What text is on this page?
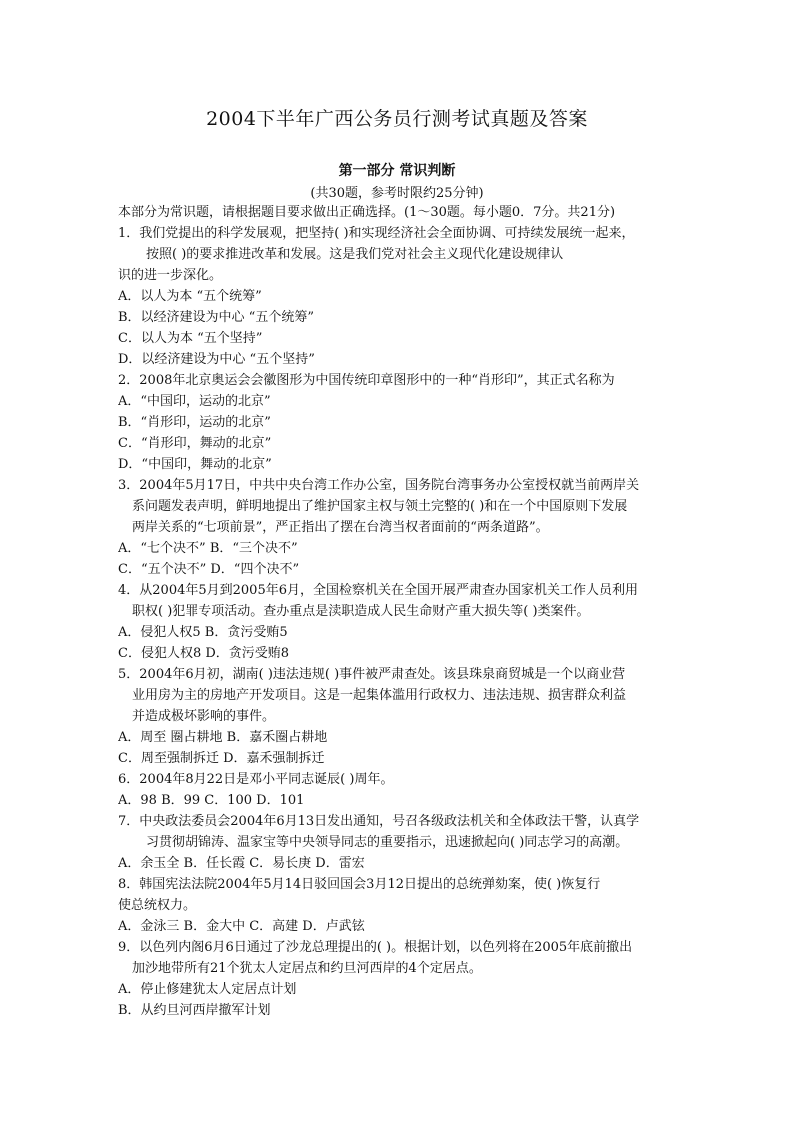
2004下半年广西公务员行测考试真题及答案
第一部分 常识判断
(共30题，参考时限约25分钟)
本部分为常识题，请根据题目要求做出正确选择。(1～30题。每小题0．7分。共21分)
1．我们党提出的科学发展观，把坚持( )和实现经济社会全面协调、可持续发展统一起来，
按照( )的要求推进改革和发展。这是我们党对社会主义现代化建设规律认
识的进一步深化。
A．以人为本 “五个统筹”
B．以经济建设为中心 “五个统筹”
C．以人为本 “五个坚持”
D．以经济建设为中心 “五个坚持”
2．2008年北京奥运会会徽图形为中国传统印章图形中的一种“肖形印”，其正式名称为
A．“中国印，运动的北京”
B．“肖形印，运动的北京”
C．“肖形印，舞动的北京”
D．“中国印，舞动的北京”
3．2004年5月17日，中共中央台湾工作办公室，国务院台湾事务办公室授权就当前两岸关
系问题发表声明，鲜明地提出了维护国家主权与领土完整的( )和在一个中国原则下发展
两岸关系的“七项前景”，严正指出了摆在台湾当权者面前的“两条道路”。
A．“七个决不” B．“三个决不”
C．“五个决不” D．“四个决不”
4．从2004年5月到2005年6月，全国检察机关在全国开展严肃查办国家机关工作人员利用
职权( )犯罪专项活动。查办重点是渎职造成人民生命财产重大损失等( )类案件。
A．侵犯人权5 B．贪污受贿5
C．侵犯人权8 D．贪污受贿8
5．2004年6月初，湖南( )违法违规( )事件被严肃查处。该县珠泉商贸城是一个以商业营
业用房为主的房地产开发项目。这是一起集体滥用行政权力、违法违规、损害群众利益
并造成极坏影响的事件。
A．周至 圈占耕地 B．嘉禾圈占耕地
C．周至强制拆迁 D．嘉禾强制拆迁
6．2004年8月22日是邓小平同志诞辰( )周年。
A．98 B．99 C．100 D．101
7．中央政法委员会2004年6月13日发出通知，号召各级政法机关和全体政法干警，认真学
习贯彻胡锦涛、温家宝等中央领导同志的重要指示，迅速掀起向( )同志学习的高潮。
A．余玉全 B．任长霞 C．易长庚 D．雷宏
8．韩国宪法法院2004年5月14日驳回国会3月12日提出的总统弹劾案，使( )恢复行
使总统权力。
A．金泳三 B．金大中 C．高建 D．卢武铉
9．以色列内阁6月6日通过了沙龙总理提出的( )。根据计划，以色列将在2005年底前撤出
加沙地带所有21个犹太人定居点和约旦河西岸的4个定居点。
A．停止修建犹太人定居点计划
B．从约旦河西岸撤军计划
